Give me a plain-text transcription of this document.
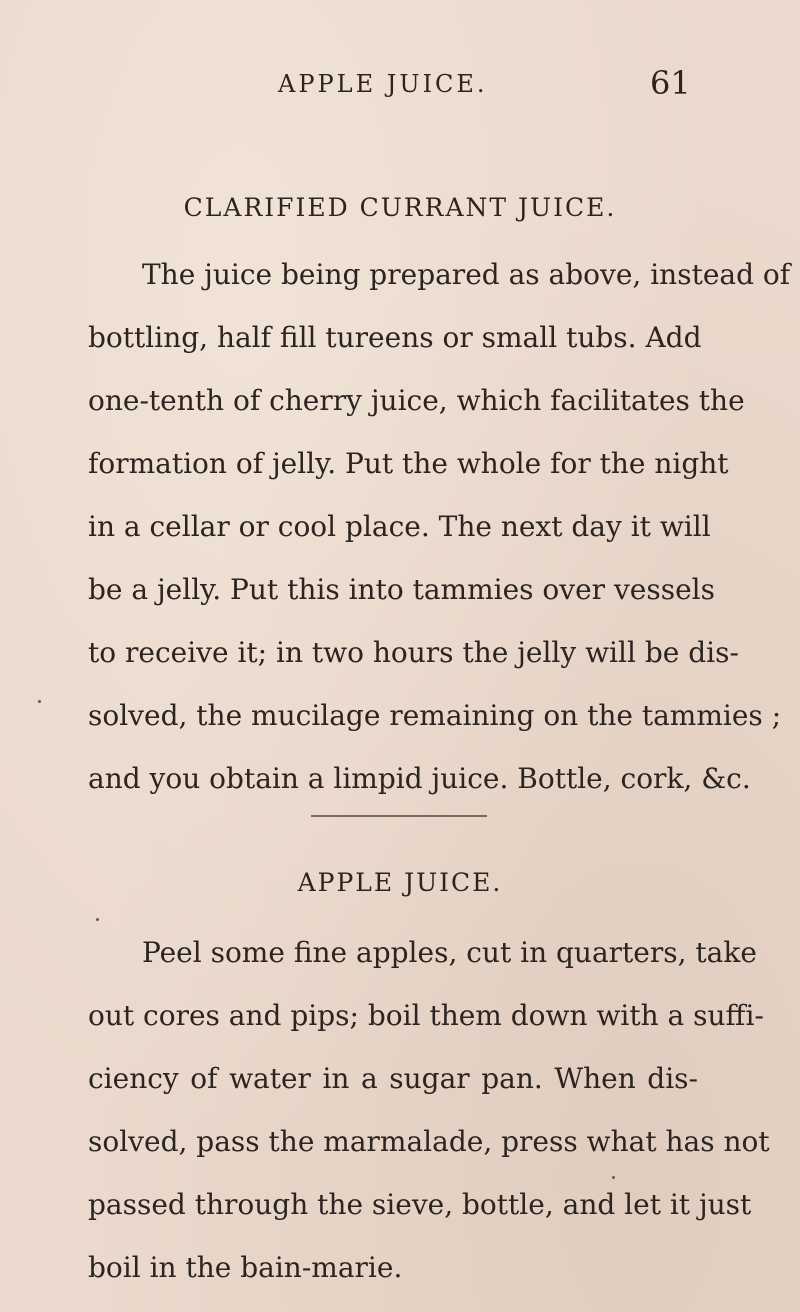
APPLE JUICE.	61
CLARIFIED CURRANT JUICE.
The juice being prepared as above, instead of
bottling, half fill tureens or small tubs. Add
one-tenth of cherry juice, which facilitates the
formation of jelly. Put the whole for the night
in a cellar or cool place. The next day it will
be a jelly. Put this into tammies over vessels
to receive it; in two hours the jelly will be dis-
solved, the mucilage remaining on the tammies ;
and you obtain a limpid juice. Bottle, cork, &c.
APPLE JUICE.
Peel some fine apples, cut in quarters, take
out cores and pips; boil them down with a suffi-
ciency of water in a sugar pan. When dis-
solved, pass the marmalade, press what has not
passed through the sieve, bottle, and let it just
boil in the bain-marie.
